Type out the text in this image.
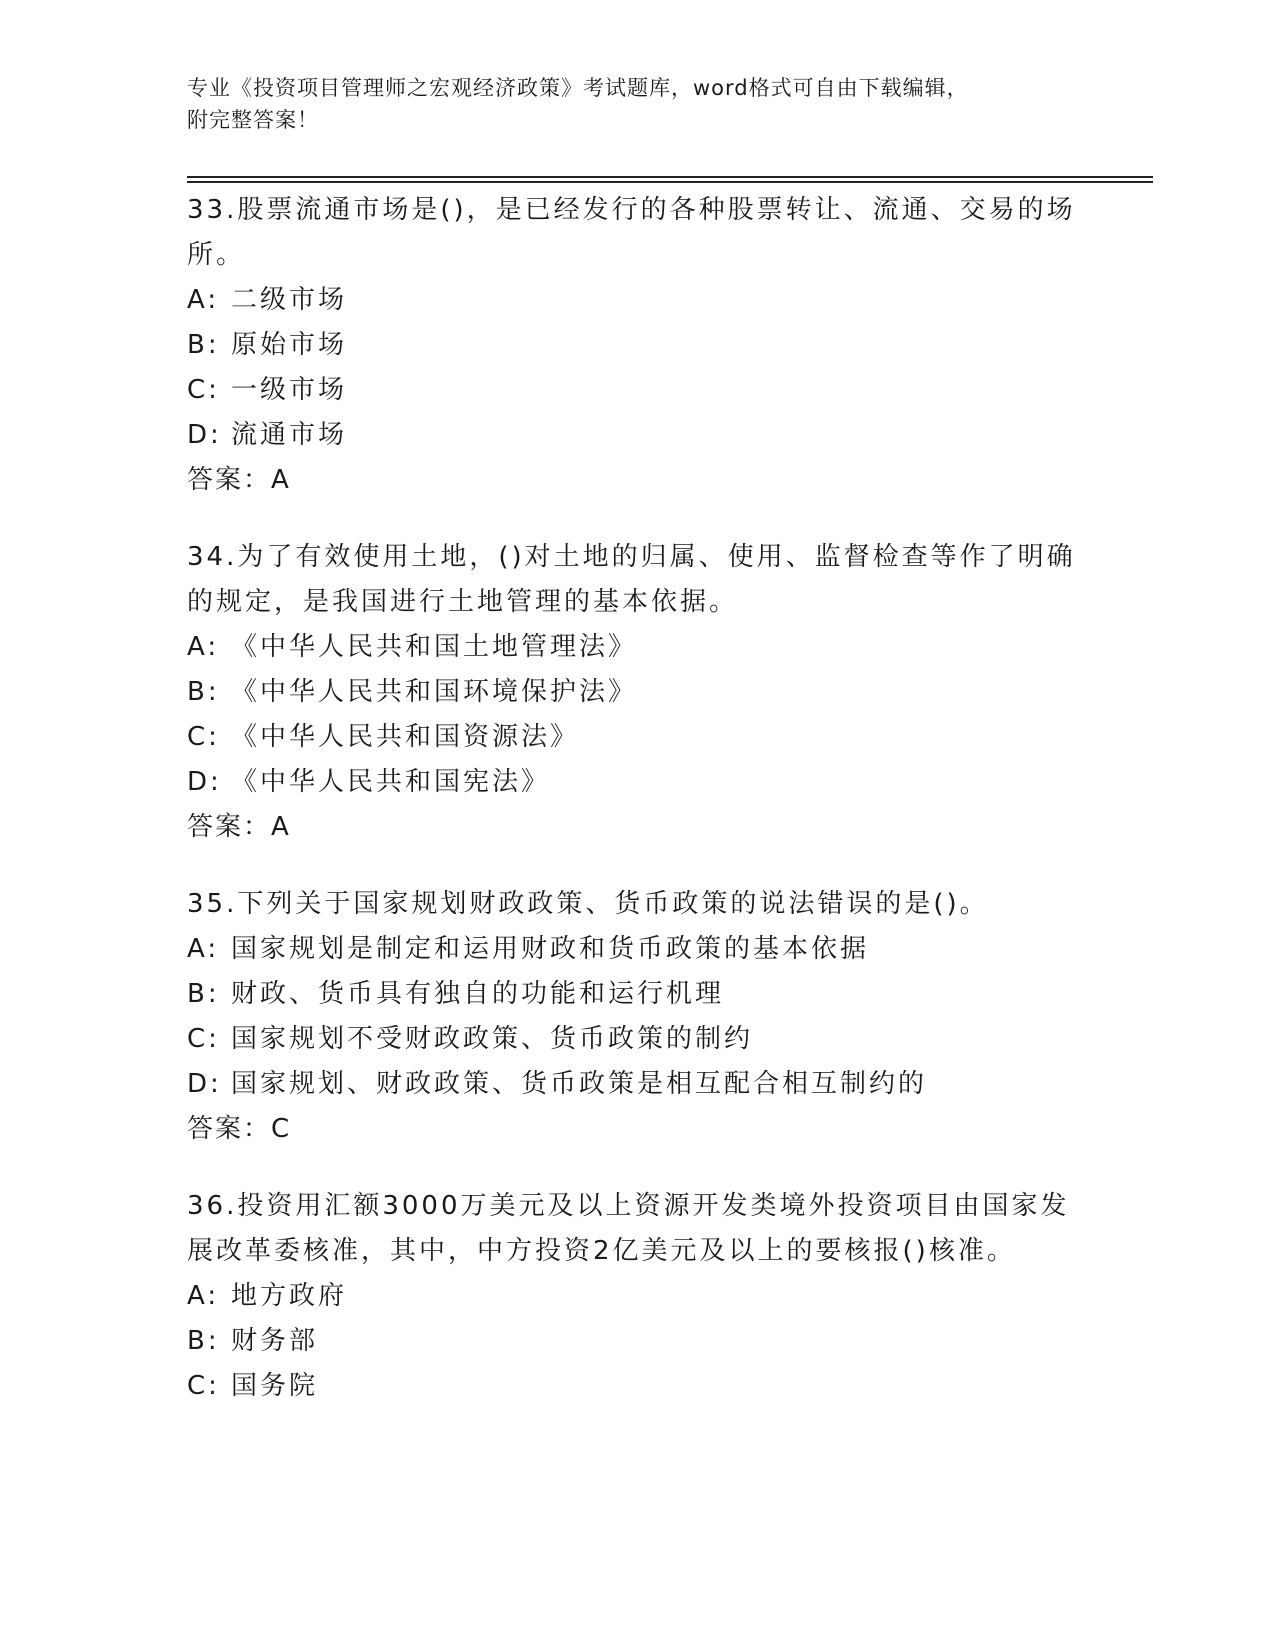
专业《投资项目管理师之宏观经济政策》考试题库，word格式可自由下载编辑，
附完整答案！

33.股票流通市场是()，是已经发行的各种股票转让、流通、交易的场所。

A: 二级市场

B: 原始市场

C: 一级市场

D: 流通市场

答案：A

34.为了有效使用土地，()对土地的归属、使用、监督检查等作了明确的规定，是我国进行土地管理的基本依据。

A: 《中华人民共和国土地管理法》

B: 《中华人民共和国环境保护法》

C: 《中华人民共和国资源法》

D: 《中华人民共和国宪法》

答案：A

35.下列关于国家规划财政政策、货币政策的说法错误的是()。

A: 国家规划是制定和运用财政和货币政策的基本依据

B: 财政、货币具有独自的功能和运行机理

C: 国家规划不受财政政策、货币政策的制约

D: 国家规划、财政政策、货币政策是相互配合相互制约的

答案：C

36.投资用汇额3000万美元及以上资源开发类境外投资项目由国家发展改革委核准，其中，中方投资2亿美元及以上的要核报()核准。

A: 地方政府

B: 财务部

C: 国务院
